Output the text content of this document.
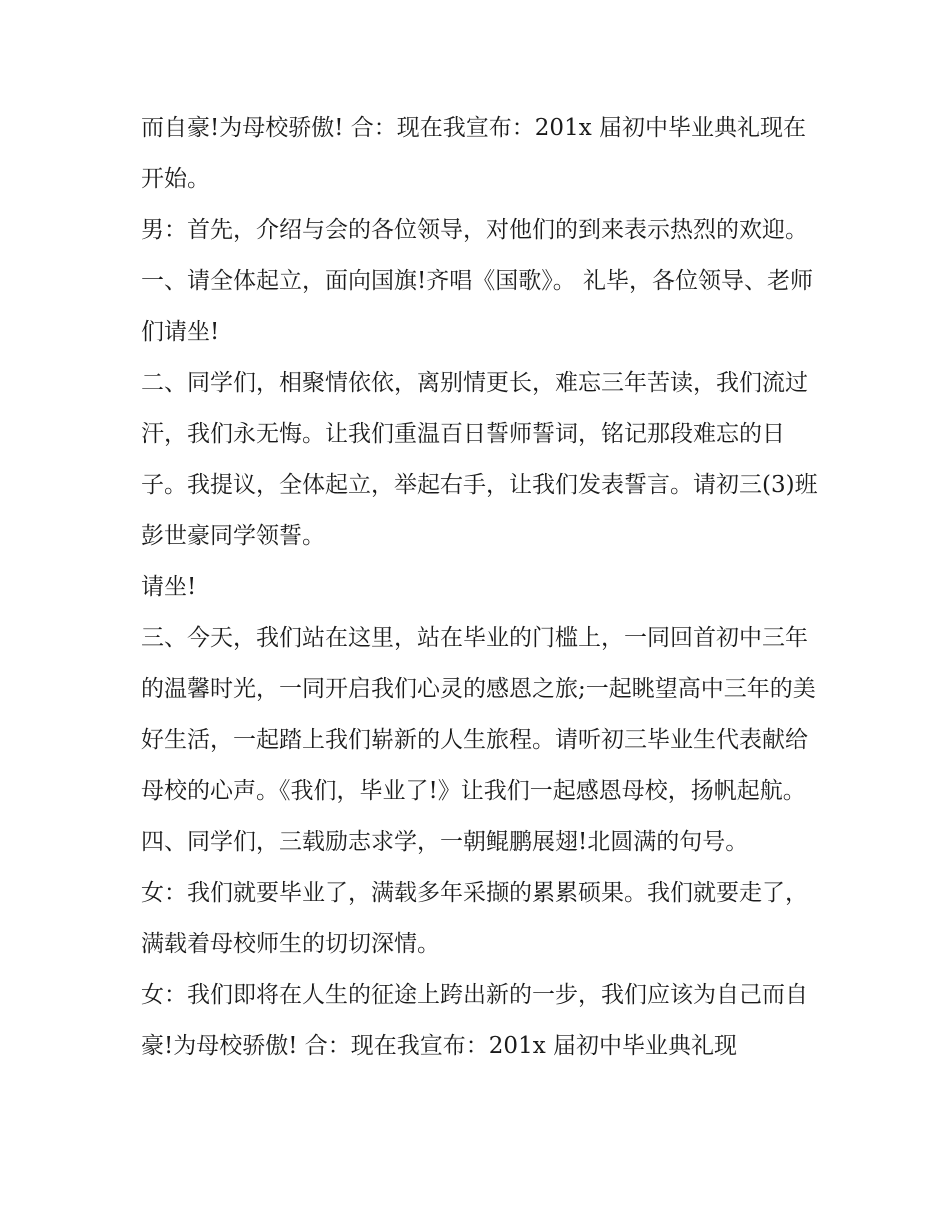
而自豪!为母校骄傲! 合：现在我宣布：201x 届初中毕业典礼现在开始。

男：首先，介绍与会的各位领导，对他们的到来表示热烈的欢迎。 一、请全体起立，面向国旗!齐唱《国歌》。 礼毕，各位领导、老师们请坐!

二、同学们，相聚情依依，离别情更长，难忘三年苦读，我们流过汗，我们永无悔。让我们重温百日誓师誓词，铭记那段难忘的日子。我提议，全体起立，举起右手，让我们发表誓言。请初三(3)班彭世豪同学领誓。

请坐!

三、今天，我们站在这里，站在毕业的门槛上，一同回首初中三年的温馨时光，一同开启我们心灵的感恩之旅;一起眺望高中三年的美好生活，一起踏上我们崭新的人生旅程。请听初三毕业生代表献给母校的心声。《我们，毕业了!》让我们一起感恩母校，扬帆起航。

四、同学们，三载励志求学，一朝鲲鹏展翅!北圆满的句号。

女：我们就要毕业了，满载多年采撷的累累硕果。我们就要走了，满载着母校师生的切切深情。

女：我们即将在人生的征途上跨出新的一步，我们应该为自己而自豪!为母校骄傲! 合：现在我宣布：201x 届初中毕业典礼现
